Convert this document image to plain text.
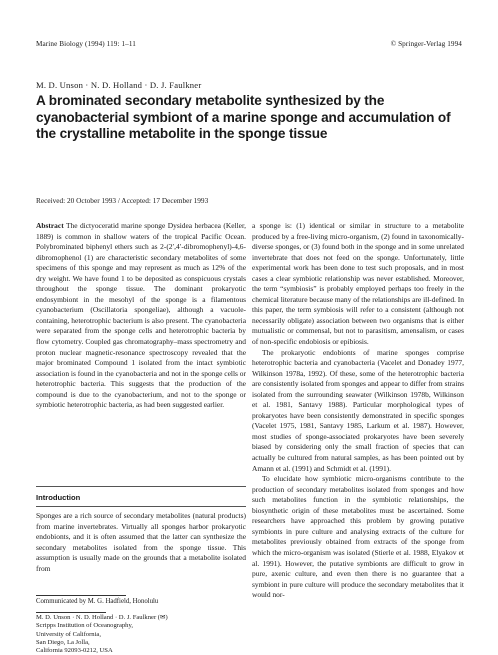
Marine Biology (1994) 119: 1–11	© Springer-Verlag 1994
M. D. Unson · N. D. Holland · D. J. Faulkner
A brominated secondary metabolite synthesized by the cyanobacterial symbiont of a marine sponge and accumulation of the crystalline metabolite in the sponge tissue
Received: 20 October 1993 / Accepted: 17 December 1993

Abstract The dictyoceratid marine sponge Dysidea herbacea (Keller, 1889) is common in shallow waters of the tropical Pacific Ocean. Polybrominated biphenyl ethers such as 2-(2′,4′-dibromophenyl)-4,6-dibromophenol (1) are characteristic secondary metabolites of some specimens of this sponge and may represent as much as 12% of the dry weight. We have found 1 to be deposited as conspicuous crystals throughout the sponge tissue. The dominant prokaryotic endosymbiont in the mesohyl of the sponge is a filamentous cyanobacterium (Oscillatoria spongeliae), although a vacuole-containing, heterotrophic bacterium is also present. The cyanobacteria were separated from the sponge cells and heterotrophic bacteria by flow cytometry. Coupled gas chromatography–mass spectrometry and proton nuclear magnetic-resonance spectroscopy revealed that the major brominated Compound 1 isolated from the intact symbiotic association is found in the cyanobacteria and not in the sponge cells or heterotrophic bacteria. This suggests that the production of the compound is due to the cyanobacterium, and not to the sponge or symbiotic heterotrophic bacteria, as had been suggested earlier.

Introduction
Sponges are a rich source of secondary metabolites (natural products) from marine invertebrates. Virtually all sponges harbor prokaryotic endobionts, and it is often assumed that the latter can synthesize the secondary metabolites isolated from the sponge tissue. This assumption is usually made on the grounds that a metabolite isolated from

a sponge is: (1) identical or similar in structure to a metabolite produced by a free-living micro-organism, (2) found in taxonomically-diverse sponges, or (3) found both in the sponge and in some unrelated invertebrate that does not feed on the sponge. Unfortunately, little experimental work has been done to test such proposals, and in most cases a clear symbiotic relationship was never established. Moreover, the term “symbiosis” is probably employed perhaps too freely in the chemical literature because many of the relationships are ill-defined. In this paper, the term symbiosis will refer to a consistent (although not necessarily obligate) association between two organisms that is either mutualistic or commensal, but not to parasitism, amensalism, or cases of non-specific endobiosis or epibiosis.

The prokaryotic endobionts of marine sponges comprise heterotrophic bacteria and cyanobacteria (Vacelet and Donadey 1977, Wilkinson 1978a, 1992). Of these, some of the heterotrophic bacteria are consistently isolated from sponges and appear to differ from strains isolated from the surrounding seawater (Wilkinson 1978b, Wilkinson et al. 1981, Santavy 1988). Particular morphological types of prokaryotes have been consistently demonstrated in specific sponges (Vacelet 1975, 1981, Santavy 1985, Larkum et al. 1987). However, most studies of sponge-associated prokaryotes have been severely biased by considering only the small fraction of species that can actually be cultured from natural samples, as has been pointed out by Amann et al. (1991) and Schmidt et al. (1991).

To elucidate how symbiotic micro-organisms contribute to the production of secondary metabolites isolated from sponges and how such metabolites function in the symbiotic relationships, the biosynthetic origin of these metabolites must be ascertained. Some researchers have approached this problem by growing putative symbionts in pure culture and analysing extracts of the culture for metabolites previously obtained from extracts of the sponge from which the micro-organism was isolated (Stierle et al. 1988, Elyakov et al. 1991). However, the putative symbionts are difficult to grow in pure, axenic culture, and even then there is no guarantee that a symbiont in pure culture will produce the secondary metabolites that it would nor-

Communicated by M. G. Hadfield, Honolulu
M. D. Unson · N. D. Holland · D. J. Faulkner (✉)
Scripps Institution of Oceanography,
University of California,
San Diego, La Jolla,
California 92093-0212, USA
